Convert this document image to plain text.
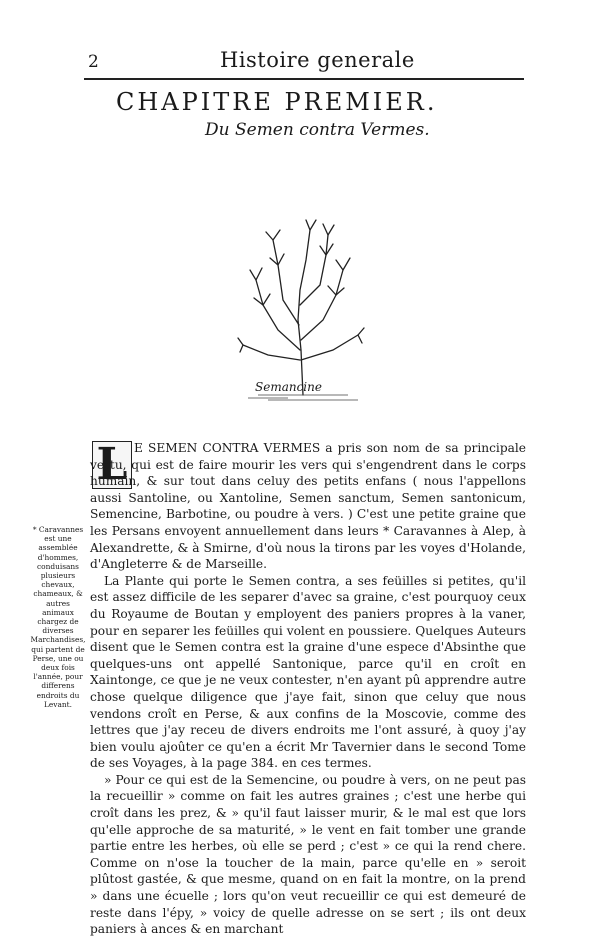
2	Histoire generale
CHAPITRE PREMIER.
Du Semen contra Vermes.
Semancine
L
* Caravannes est une assemblée d'hommes, conduisans plusieurs chevaux, chameaux, & autres animaux chargez de diverses Marchandises, qui partent de Perse, une ou deux fois l'année, pour differens endroits du Levant.

E SEMEN CONTRA VERMES a pris son nom de sa principale vertu, qui est de faire mourir les vers qui s'engendrent dans le corps humain, & sur tout dans celuy des petits enfans ( nous l'appellons aussi Santoline, ou Xantoline, Semen sanctum, Semen santonicum, Semencine, Barbotine, ou poudre à vers. ) C'est une petite graine que les Persans envoyent annuellement dans leurs * Caravannes à Alep, à Alexandrette, & à Smirne, d'où nous la tirons par les voyes d'Holande, d'Angleterre & de Marseille.

La Plante qui porte le Semen contra, a ses feüilles si petites, qu'il est assez difficile de les separer d'avec sa graine, c'est pourquoy ceux du Royaume de Boutan y employent des paniers propres à la vaner, pour en separer les feüilles qui volent en poussiere. Quelques Auteurs disent que le Semen contra est la graine d'une espece d'Absinthe que quelques-uns ont appellé Santonique, parce qu'il en croît en Xaintonge, ce que je ne veux contester, n'en ayant pû apprendre autre chose quelque diligence que j'aye fait, sinon que celuy que nous vendons croît en Perse, & aux confins de la Moscovie, comme des lettres que j'ay receu de divers endroits me l'ont assuré, à quoy j'ay bien voulu ajoûter ce qu'en a écrit Mr Tavernier dans le second Tome de ses Voyages, à la page 384. en ces termes.

» Pour ce qui est de la Semencine, ou poudre à vers, on ne peut pas la recueillir » comme on fait les autres graines ; c'est une herbe qui croît dans les prez, & » qu'il faut laisser murir, & le mal est que lors qu'elle approche de sa maturité, » le vent en fait tomber une grande partie entre les herbes, où elle se perd ; c'est » ce qui la rend chere. Comme on n'ose la toucher de la main, parce qu'elle en » seroit plûtost gastée, & que mesme, quand on en fait la montre, on la prend » dans une écuelle ; lors qu'on veut recueillir ce qui est demeuré de reste dans l'épy, » voicy de quelle adresse on se sert ; ils ont deux paniers à ances & en marchant
